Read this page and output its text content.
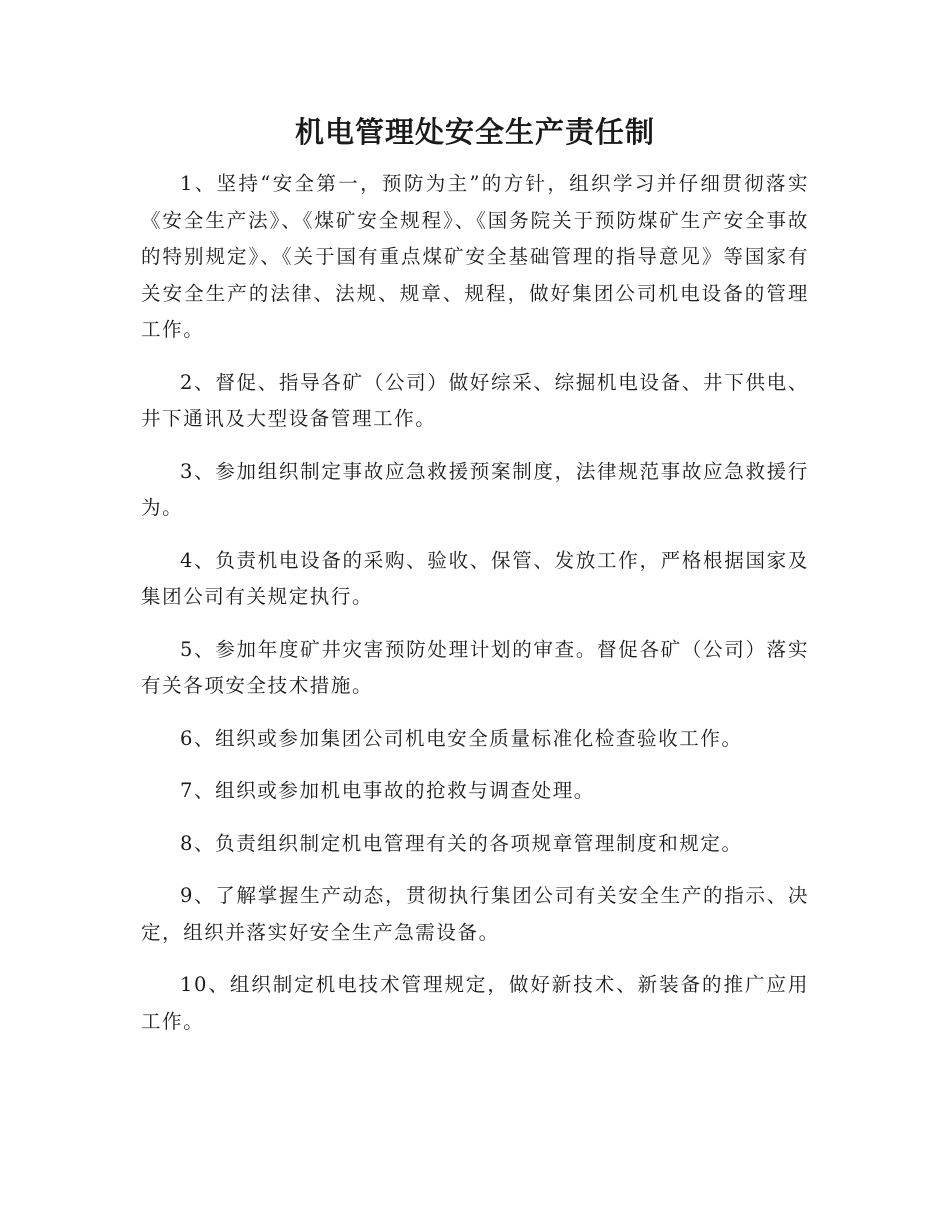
机电管理处安全生产责任制

1、坚持“安全第一，预防为主”的方针，组织学习并仔细贯彻落实《安全生产法》、《煤矿安全规程》、《国务院关于预防煤矿生产安全事故的特别规定》、《关于国有重点煤矿安全基础管理的指导意见》等国家有关安全生产的法律、法规、规章、规程，做好集团公司机电设备的管理工作。

2、督促、指导各矿（公司）做好综采、综掘机电设备、井下供电、井下通讯及大型设备管理工作。

3、参加组织制定事故应急救援预案制度，法律规范事故应急救援行为。

4、负责机电设备的采购、验收、保管、发放工作，严格根据国家及集团公司有关规定执行。

5、参加年度矿井灾害预防处理计划的审查。督促各矿（公司）落实有关各项安全技术措施。

6、组织或参加集团公司机电安全质量标准化检查验收工作。

7、组织或参加机电事故的抢救与调查处理。

8、负责组织制定机电管理有关的各项规章管理制度和规定。

9、了解掌握生产动态，贯彻执行集团公司有关安全生产的指示、决定，组织并落实好安全生产急需设备。

10、组织制定机电技术管理规定，做好新技术、新装备的推广应用工作。
